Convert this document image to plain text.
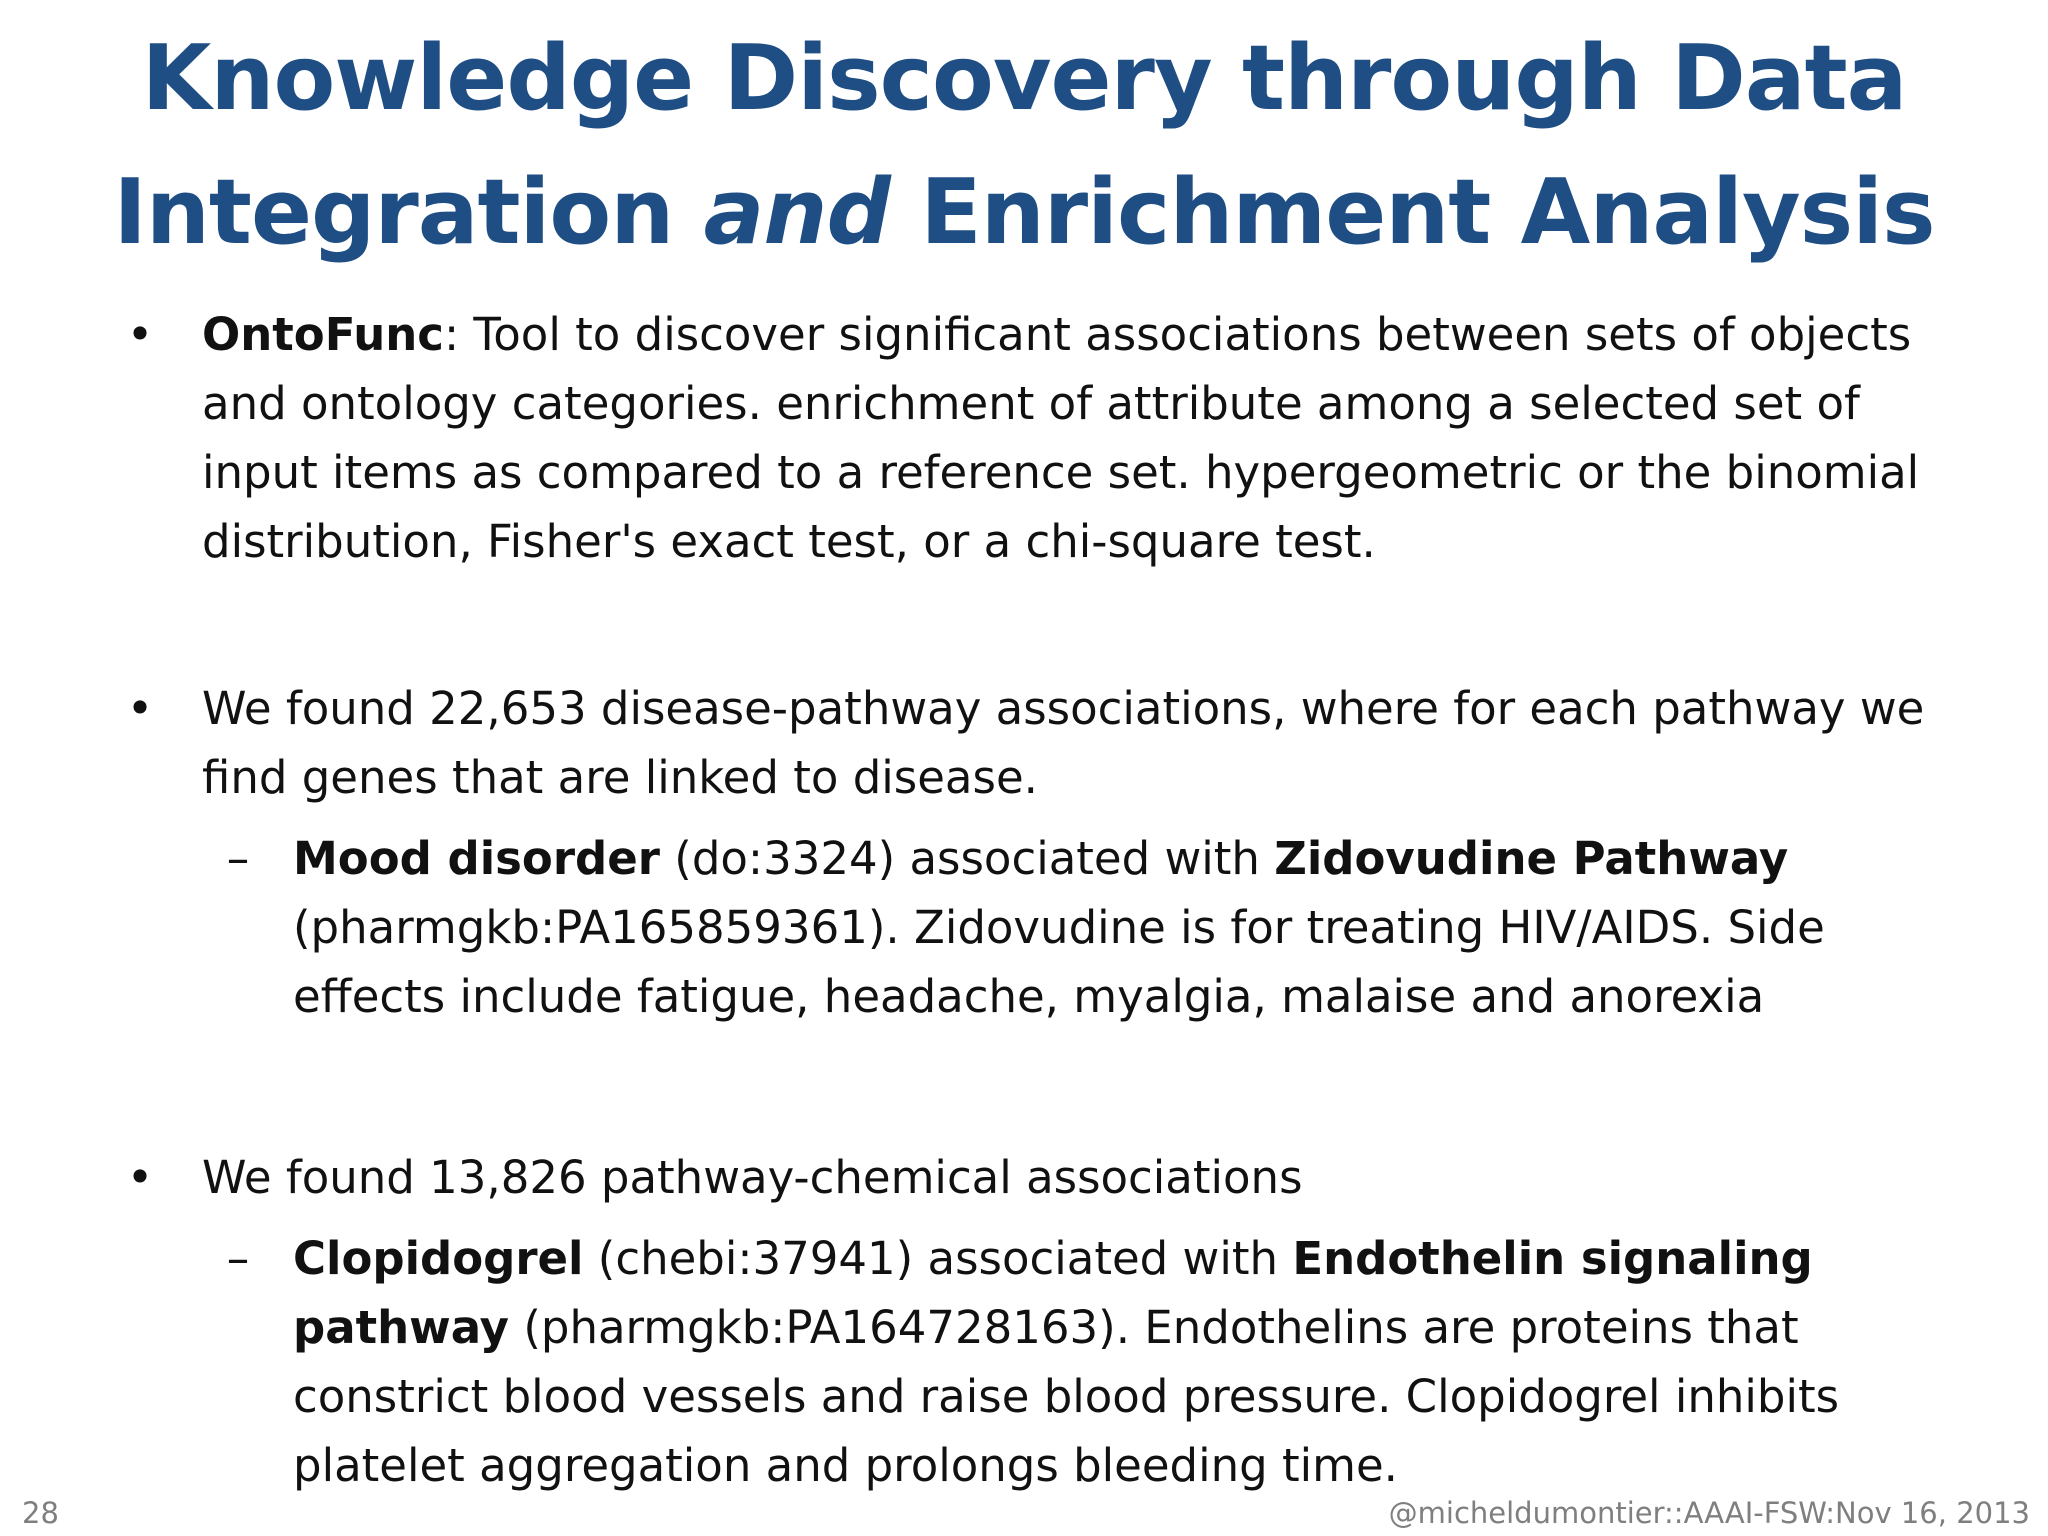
Knowledge Discovery through Data
Integration and Enrichment Analysis
• OntoFunc: Tool to discover significant associations between sets of objects and ontology categories. enrichment of attribute among a selected set of input items as compared to a reference set. hypergeometric or the binomial distribution, Fisher's exact test, or a chi-square test.
• We found 22,653 disease-pathway associations, where for each pathway we find genes that are linked to disease.
– Mood disorder (do:3324) associated with Zidovudine Pathway (pharmgkb:PA165859361). Zidovudine is for treating HIV/AIDS. Side effects include fatigue, headache, myalgia, malaise and anorexia
• We found 13,826 pathway-chemical associations
– Clopidogrel (chebi:37941) associated with Endothelin signaling pathway (pharmgkb:PA164728163). Endothelins are proteins that constrict blood vessels and raise blood pressure. Clopidogrel inhibits platelet aggregation and prolongs bleeding time.
28	@micheldumontier::AAAI-FSW:Nov 16, 2013
